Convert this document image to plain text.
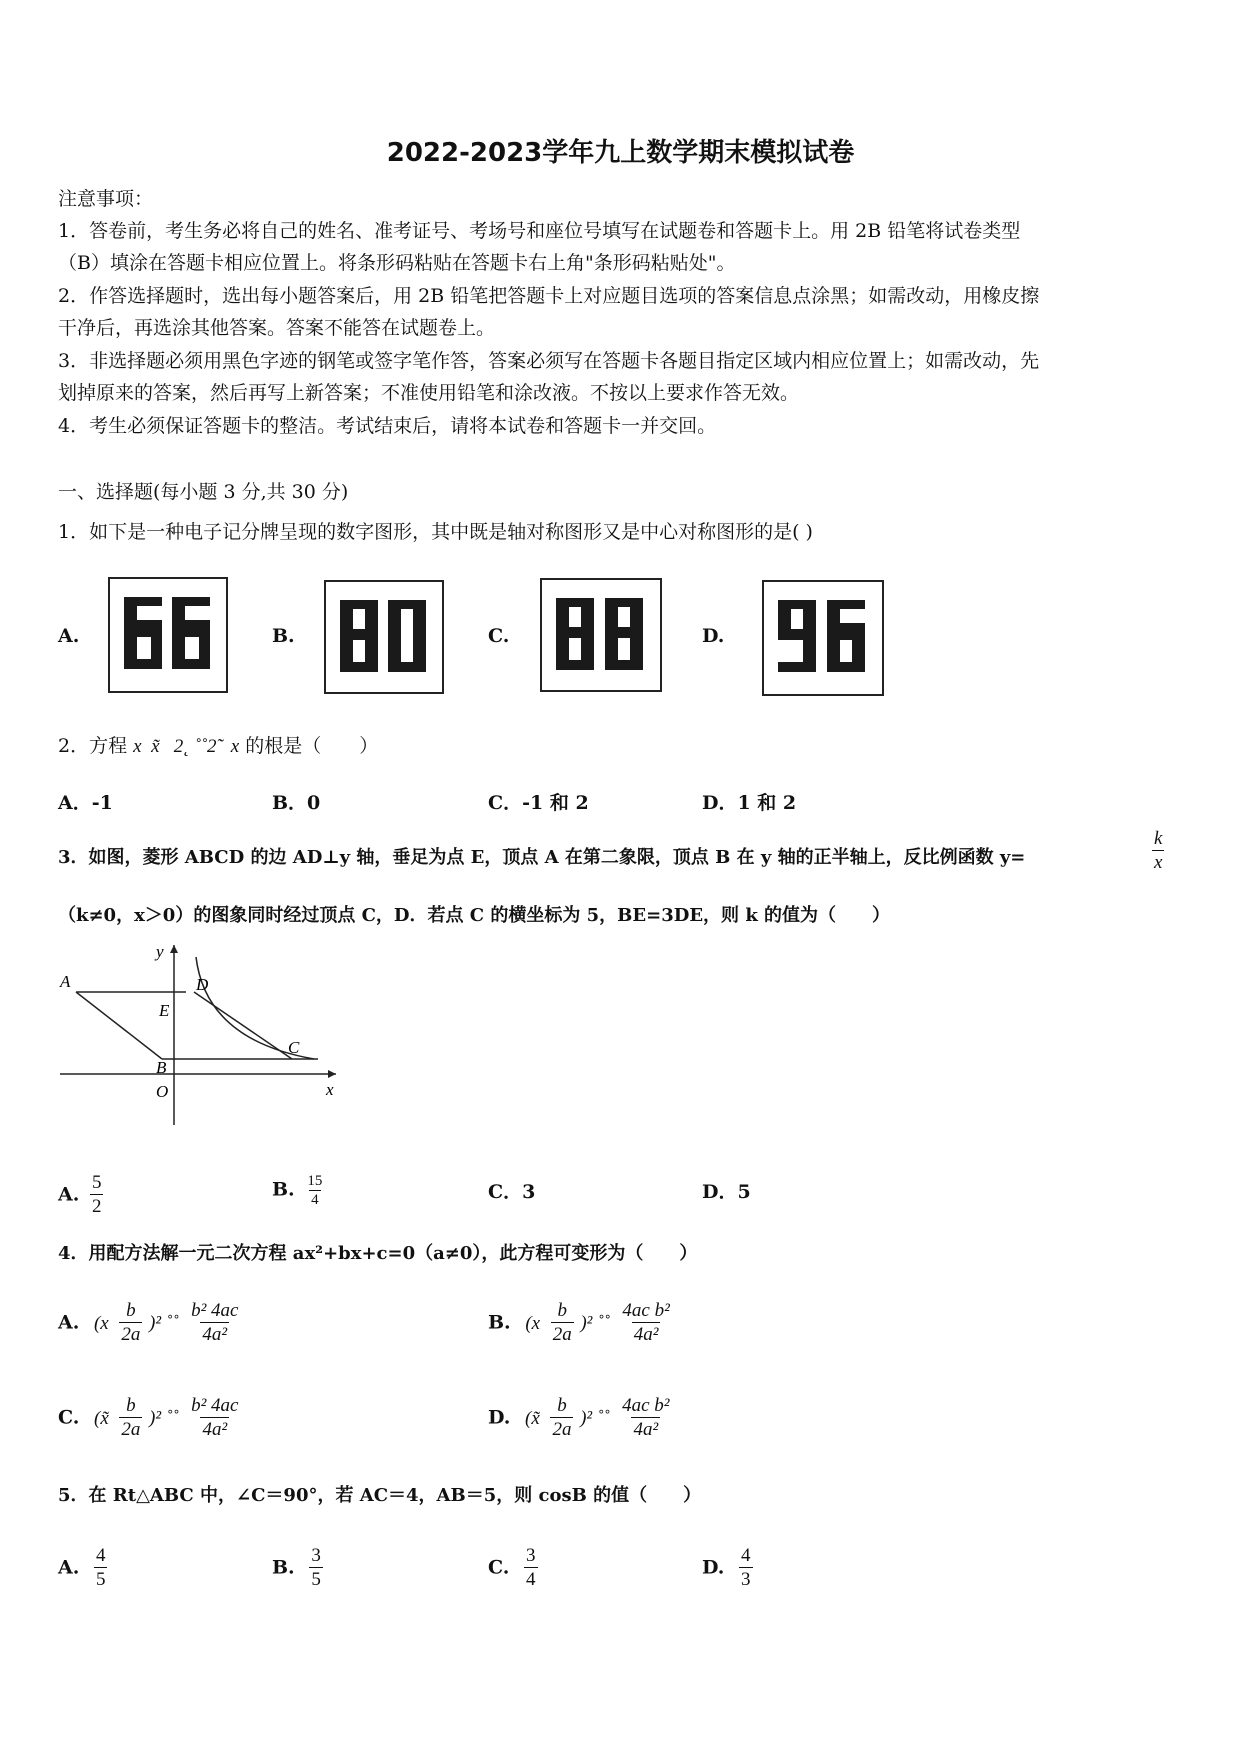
2022-2023学年九上数学期末模拟试卷
注意事项：
1．答卷前，考生务必将自己的姓名、准考证号、考场号和座位号填写在试题卷和答题卡上。用 2B 铅笔将试卷类型
（B）填涂在答题卡相应位置上。将条形码粘贴在答题卡右上角"条形码粘贴处"。
2．作答选择题时，选出每小题答案后，用 2B 铅笔把答题卡上对应题目选项的答案信息点涂黑；如需改动，用橡皮擦
干净后，再选涂其他答案。答案不能答在试题卷上。
3．非选择题必须用黑色字迹的钢笔或签字笔作答，答案必须写在答题卡各题目指定区域内相应位置上；如需改动，先
划掉原来的答案，然后再写上新答案；不准使用铅笔和涂改液。不按以上要求作答无效。
4．考生必须保证答题卡的整洁。考试结束后，请将本试卷和答题卡一并交回。
一、选择题(每小题 3 分,共 30 分)
1．如下是一种电子记分牌呈现的数字图形，其中既是轴对称图形又是中心对称图形的是( )
A.	B.	C.	D.
2．方程 x  x̃   2˛ ˚˚2̃   x 的根是（　　）
A．-1	B．0	C．-1 和 2	D．1 和 2
3．如图，菱形 ABCD 的边 AD⊥y 轴，垂足为点 E，顶点 A 在第二象限，顶点 B 在 y 轴的正半轴上，反比例函数 y=	$\frac{k}{x}$
（k≠0，x＞0）的图象同时经过顶点 C，D．若点 C 的横坐标为 5，BE=3DE，则 k 的值为（　　）
y
x
A	D
E
C
B
O
A. $\frac{5}{2}$	B. $\frac{15}{4}$	C．3	D．5
4．用配方法解一元二次方程 ax²+bx+c=0（a≠0），此方程可变形为（　　）
A. $(x \frac{b}{2a} )^2$ ˚˚ $\frac{\text{b² 4ac}}{\text{4a²}}$	B. $(x \frac{b}{2a} )^2$ ˚˚ $\frac{\text{4ac b²}}{\text{4a²}}$
C. (x̃ $\frac{b}{2a} )^2$ ˚˚ $\frac{\text{b² 4ac}}{\text{4a²}}$	D. (x̃ $\frac{b}{2a} )^2$ ˚˚ $\frac{\text{4ac b²}}{\text{4a²}}$
5．在 Rt△ABC 中，∠C＝90°，若 AC＝4，AB＝5，则 cosB 的值（　　）
A. $\frac{4}{5}$	B. $\frac{3}{5}$	C. $\frac{3}{4}$	D. $\frac{4}{3}$
